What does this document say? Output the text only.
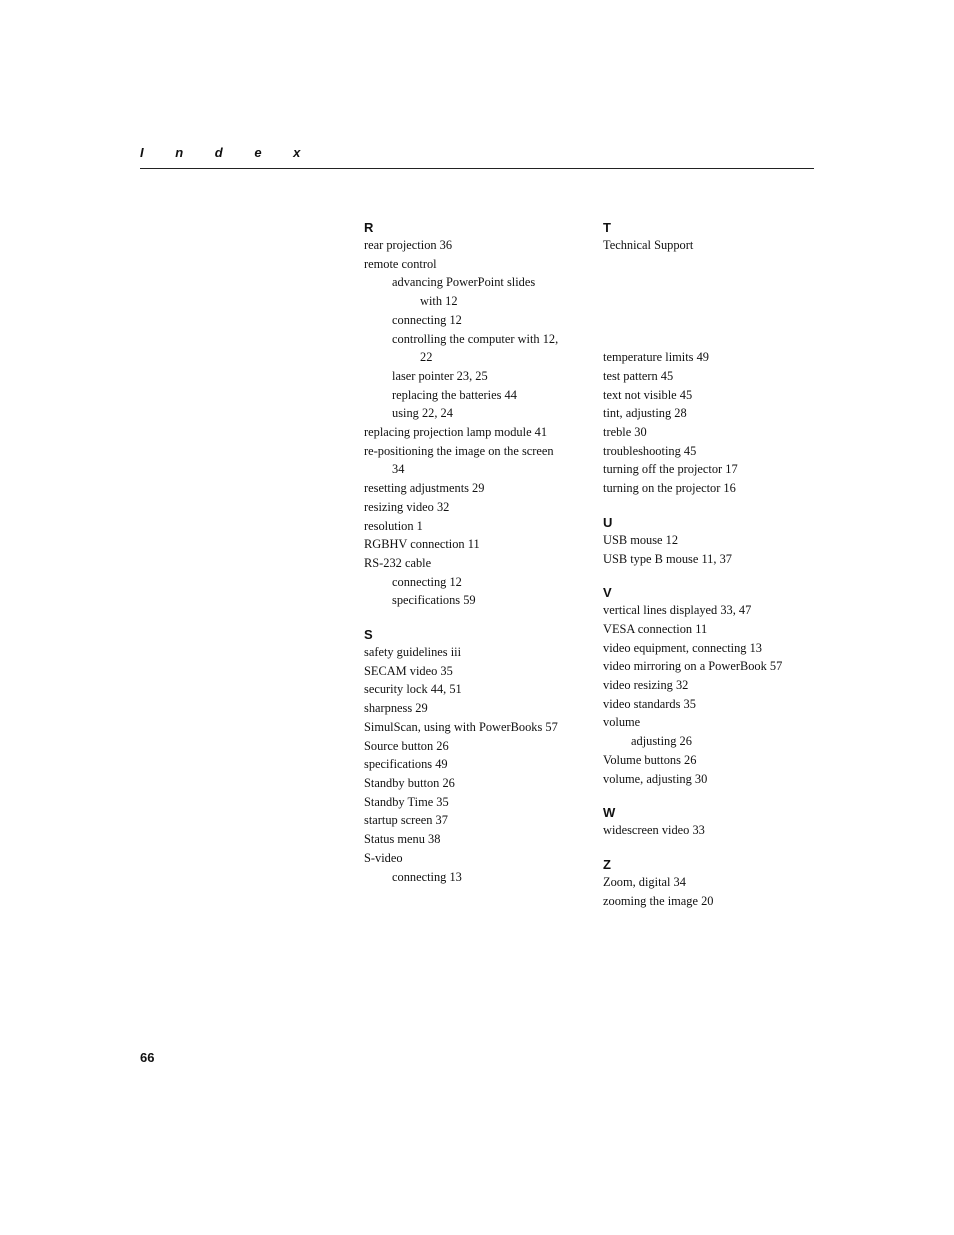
I n d e x
R
rear projection 36
remote control
advancing PowerPoint slides
with 12
connecting 12
controlling the computer with 12,
22
laser pointer 23, 25
replacing the batteries 44
using 22, 24
replacing projection lamp module 41
re-positioning the image on the screen
34
resetting adjustments 29
resizing video 32
resolution 1
RGBHV connection 11
RS-232 cable
connecting 12
specifications 59
S
safety guidelines iii
SECAM video 35
security lock 44, 51
sharpness 29
SimulScan, using with PowerBooks 57
Source button 26
specifications 49
Standby button 26
Standby Time 35
startup screen 37
Status menu 38
S-video
connecting 13
T
Technical Support

temperature limits 49
test pattern 45
text not visible 45
tint, adjusting 28
treble 30
troubleshooting 45
turning off the projector 17
turning on the projector 16
U
USB mouse 12
USB type B mouse 11, 37
V
vertical lines displayed 33, 47
VESA connection 11
video equipment, connecting 13
video mirroring on a PowerBook 57
video resizing 32
video standards 35
volume
adjusting 26
Volume buttons 26
volume, adjusting 30
W
widescreen video 33
Z
Zoom, digital 34
zooming the image 20
66
